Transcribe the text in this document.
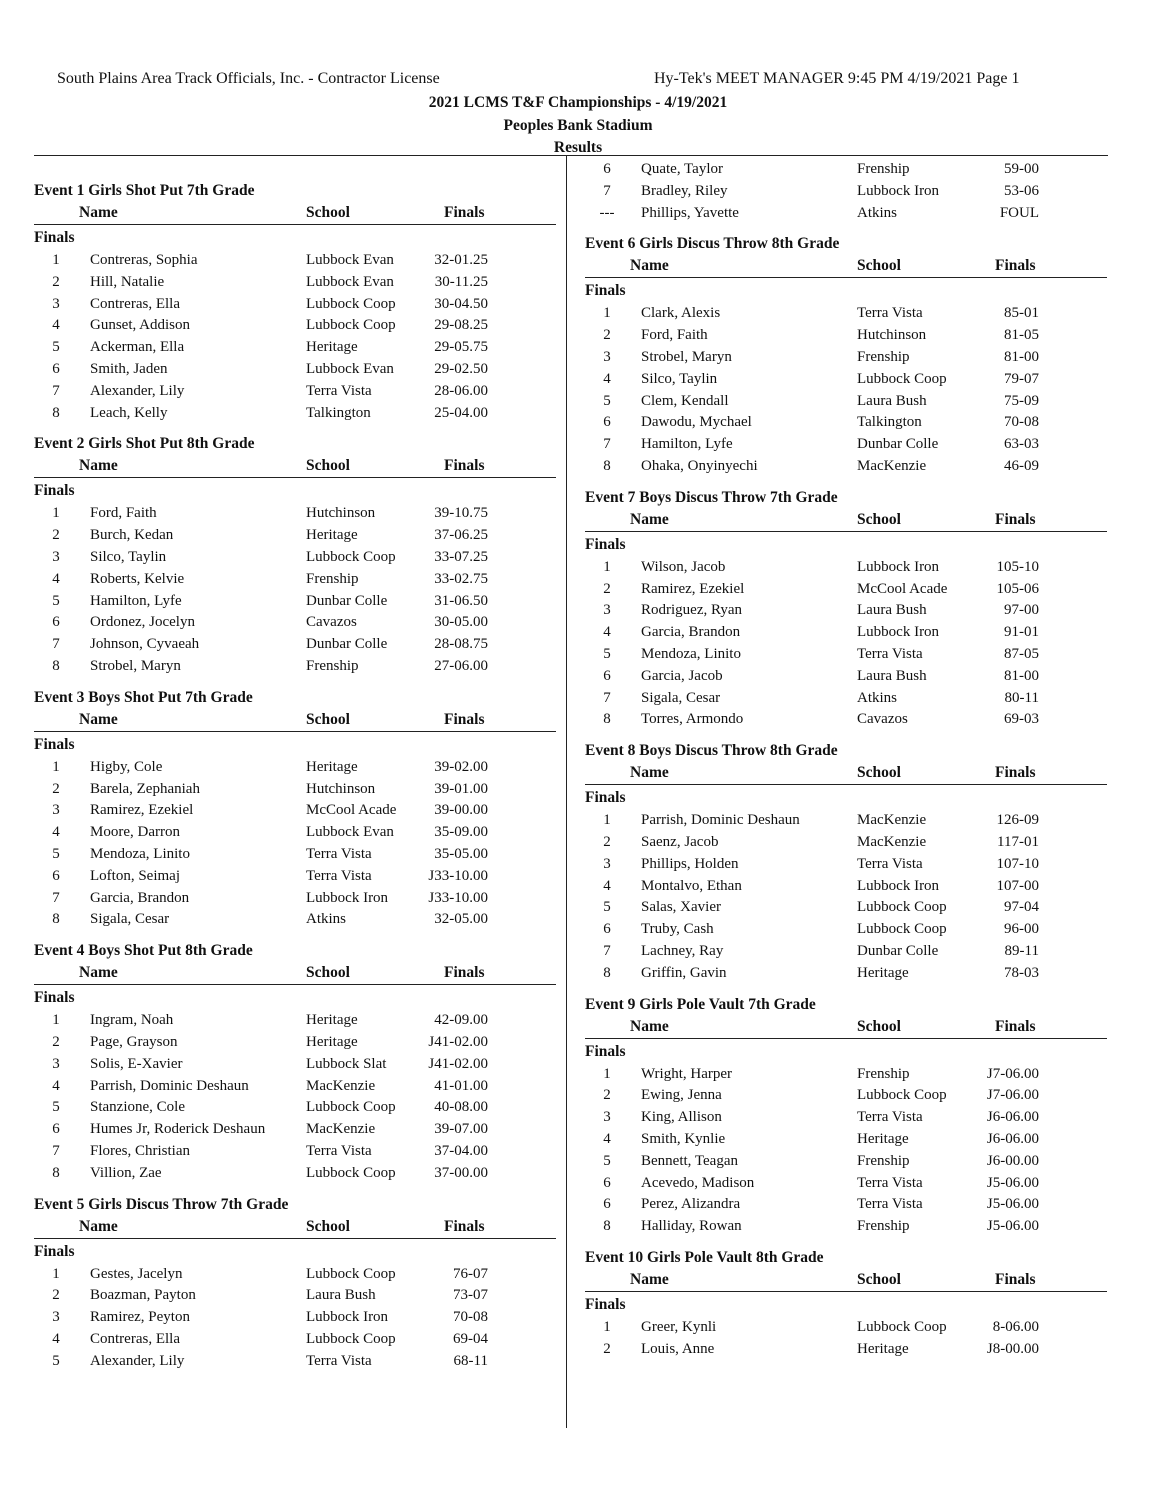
South Plains Area Track Officials, Inc. - Contractor License	Hy-Tek's MEET MANAGER 9:45 PM 4/19/2021 Page 1
2021 LCMS T&F Championships - 4/19/2021
Peoples Bank Stadium
Results
Event 1 Girls Shot Put 7th Grade
Name	School	Finals
Finals
1	Contreras, Sophia	Lubbock Evan	32-01.25
2	Hill, Natalie	Lubbock Evan	30-11.25
3	Contreras, Ella	Lubbock Coop	30-04.50
4	Gunset, Addison	Lubbock Coop	29-08.25
5	Ackerman, Ella	Heritage	29-05.75
6	Smith, Jaden	Lubbock Evan	29-02.50
7	Alexander, Lily	Terra Vista	28-06.00
8	Leach, Kelly	Talkington	25-04.00
Event 2 Girls Shot Put 8th Grade
Name	School	Finals
Finals
1	Ford, Faith	Hutchinson	39-10.75
2	Burch, Kedan	Heritage	37-06.25
3	Silco, Taylin	Lubbock Coop	33-07.25
4	Roberts, Kelvie	Frenship	33-02.75
5	Hamilton, Lyfe	Dunbar Colle	31-06.50
6	Ordonez, Jocelyn	Cavazos	30-05.00
7	Johnson, Cyvaeah	Dunbar Colle	28-08.75
8	Strobel, Maryn	Frenship	27-06.00
Event 3 Boys Shot Put 7th Grade
Name	School	Finals
Finals
1	Higby, Cole	Heritage	39-02.00
2	Barela, Zephaniah	Hutchinson	39-01.00
3	Ramirez, Ezekiel	McCool Acade	39-00.00
4	Moore, Darron	Lubbock Evan	35-09.00
5	Mendoza, Linito	Terra Vista	35-05.00
6	Lofton, Seimaj	Terra Vista	J33-10.00
7	Garcia, Brandon	Lubbock Iron	J33-10.00
8	Sigala, Cesar	Atkins	32-05.00
Event 4 Boys Shot Put 8th Grade
Name	School	Finals
Finals
1	Ingram, Noah	Heritage	42-09.00
2	Page, Grayson	Heritage	J41-02.00
3	Solis, E-Xavier	Lubbock Slat	J41-02.00
4	Parrish, Dominic Deshaun	MacKenzie	41-01.00
5	Stanzione, Cole	Lubbock Coop	40-08.00
6	Humes Jr, Roderick Deshaun	MacKenzie	39-07.00
7	Flores, Christian	Terra Vista	37-04.00
8	Villion, Zae	Lubbock Coop	37-00.00
Event 5 Girls Discus Throw 7th Grade
Name	School	Finals
Finals
1	Gestes, Jacelyn	Lubbock Coop	76-07
2	Boazman, Payton	Laura Bush	73-07
3	Ramirez, Peyton	Lubbock Iron	70-08
4	Contreras, Ella	Lubbock Coop	69-04
5	Alexander, Lily	Terra Vista	68-11
6	Quate, Taylor	Frenship	59-00
7	Bradley, Riley	Lubbock Iron	53-06
---	Phillips, Yavette	Atkins	FOUL
Event 6 Girls Discus Throw 8th Grade
Name	School	Finals
Finals
1	Clark, Alexis	Terra Vista	85-01
2	Ford, Faith	Hutchinson	81-05
3	Strobel, Maryn	Frenship	81-00
4	Silco, Taylin	Lubbock Coop	79-07
5	Clem, Kendall	Laura Bush	75-09
6	Dawodu, Mychael	Talkington	70-08
7	Hamilton, Lyfe	Dunbar Colle	63-03
8	Ohaka, Onyinyechi	MacKenzie	46-09
Event 7 Boys Discus Throw 7th Grade
Name	School	Finals
Finals
1	Wilson, Jacob	Lubbock Iron	105-10
2	Ramirez, Ezekiel	McCool Acade	105-06
3	Rodriguez, Ryan	Laura Bush	97-00
4	Garcia, Brandon	Lubbock Iron	91-01
5	Mendoza, Linito	Terra Vista	87-05
6	Garcia, Jacob	Laura Bush	81-00
7	Sigala, Cesar	Atkins	80-11
8	Torres, Armondo	Cavazos	69-03
Event 8 Boys Discus Throw 8th Grade
Name	School	Finals
Finals
1	Parrish, Dominic Deshaun	MacKenzie	126-09
2	Saenz, Jacob	MacKenzie	117-01
3	Phillips, Holden	Terra Vista	107-10
4	Montalvo, Ethan	Lubbock Iron	107-00
5	Salas, Xavier	Lubbock Coop	97-04
6	Truby, Cash	Lubbock Coop	96-00
7	Lachney, Ray	Dunbar Colle	89-11
8	Griffin, Gavin	Heritage	78-03
Event 9 Girls Pole Vault 7th Grade
Name	School	Finals
Finals
1	Wright, Harper	Frenship	J7-06.00
2	Ewing, Jenna	Lubbock Coop	J7-06.00
3	King, Allison	Terra Vista	J6-06.00
4	Smith, Kynlie	Heritage	J6-06.00
5	Bennett, Teagan	Frenship	J6-00.00
6	Acevedo, Madison	Terra Vista	J5-06.00
6	Perez, Alizandra	Terra Vista	J5-06.00
8	Halliday, Rowan	Frenship	J5-06.00
Event 10 Girls Pole Vault 8th Grade
Name	School	Finals
Finals
1	Greer, Kynli	Lubbock Coop	8-06.00
2	Louis, Anne	Heritage	J8-00.00
